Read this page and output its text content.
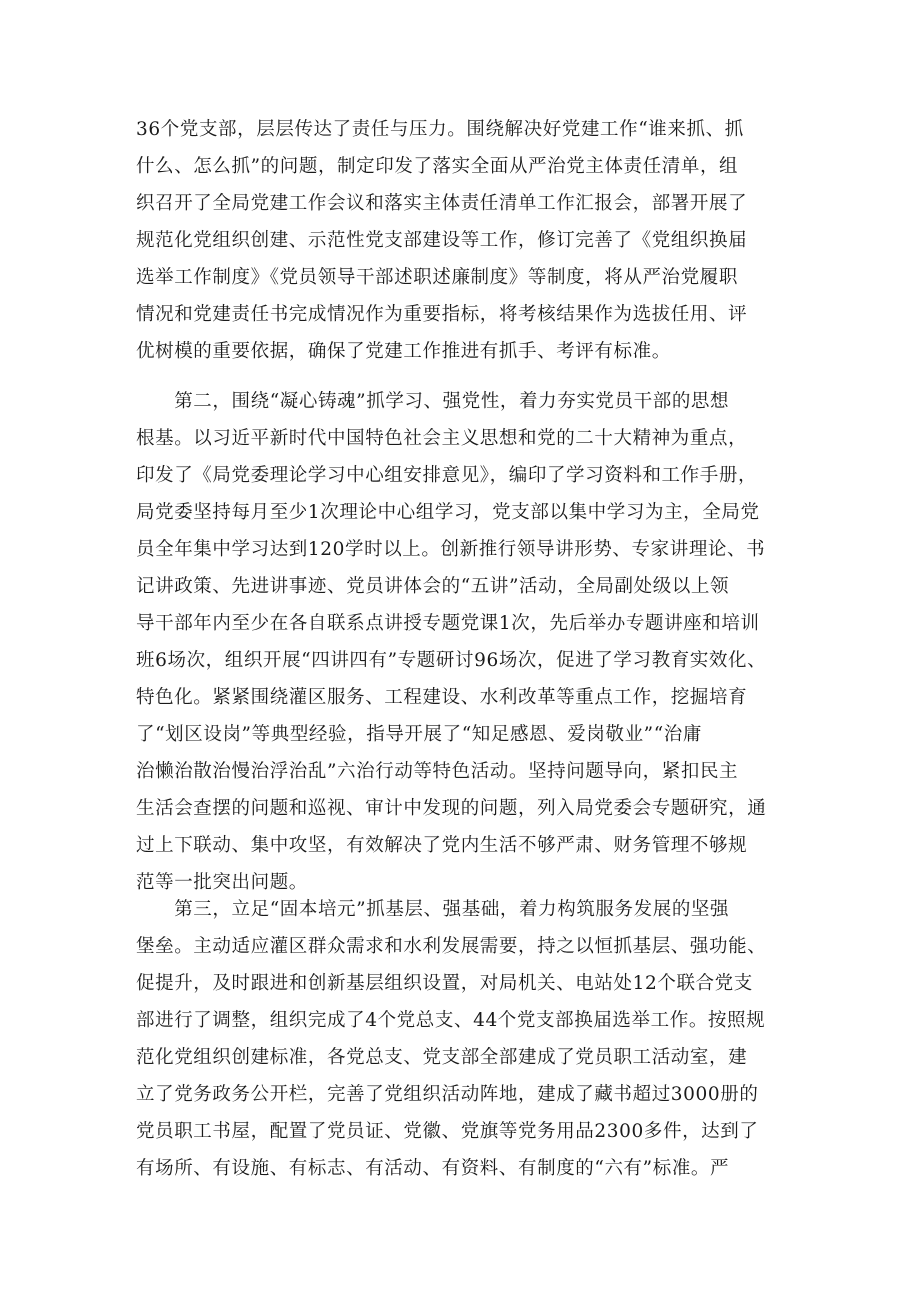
36个党支部，层层传达了责任与压力。围绕解决好党建工作“谁来抓、抓
什么、怎么抓”的问题，制定印发了落实全面从严治党主体责任清单，组
织召开了全局党建工作会议和落实主体责任清单工作汇报会，部署开展了
规范化党组织创建、示范性党支部建设等工作，修订完善了《党组织换届
选举工作制度》《党员领导干部述职述廉制度》等制度，将从严治党履职
情况和党建责任书完成情况作为重要指标，将考核结果作为选拔任用、评
优树模的重要依据，确保了党建工作推进有抓手、考评有标准。
　　第二，围绕“凝心铸魂”抓学习、强党性，着力夯实党员干部的思想
根基。以习近平新时代中国特色社会主义思想和党的二十大精神为重点，
印发了《局党委理论学习中心组安排意见》，编印了学习资料和工作手册，
局党委坚持每月至少1次理论中心组学习，党支部以集中学习为主，全局党
员全年集中学习达到120学时以上。创新推行领导讲形势、专家讲理论、书
记讲政策、先进讲事迹、党员讲体会的“五讲”活动，全局副处级以上领
导干部年内至少在各自联系点讲授专题党课1次，先后举办专题讲座和培训
班6场次，组织开展“四讲四有”专题研讨96场次，促进了学习教育实效化、
特色化。紧紧围绕灌区服务、工程建设、水利改革等重点工作，挖掘培育
了“划区设岗”等典型经验，指导开展了“知足感恩、爱岗敬业”“治庸
治懒治散治慢治浮治乱”六治行动等特色活动。坚持问题导向，紧扣民主
生活会查摆的问题和巡视、审计中发现的问题，列入局党委会专题研究，通
过上下联动、集中攻坚，有效解决了党内生活不够严肃、财务管理不够规
范等一批突出问题。
　　第三，立足“固本培元”抓基层、强基础，着力构筑服务发展的坚强
堡垒。主动适应灌区群众需求和水利发展需要，持之以恒抓基层、强功能、
促提升，及时跟进和创新基层组织设置，对局机关、电站处12个联合党支
部进行了调整，组织完成了4个党总支、44个党支部换届选举工作。按照规
范化党组织创建标准，各党总支、党支部全部建成了党员职工活动室，建
立了党务政务公开栏，完善了党组织活动阵地，建成了藏书超过3000册的
党员职工书屋，配置了党员证、党徽、党旗等党务用品2300多件，达到了
有场所、有设施、有标志、有活动、有资料、有制度的“六有”标准。严
